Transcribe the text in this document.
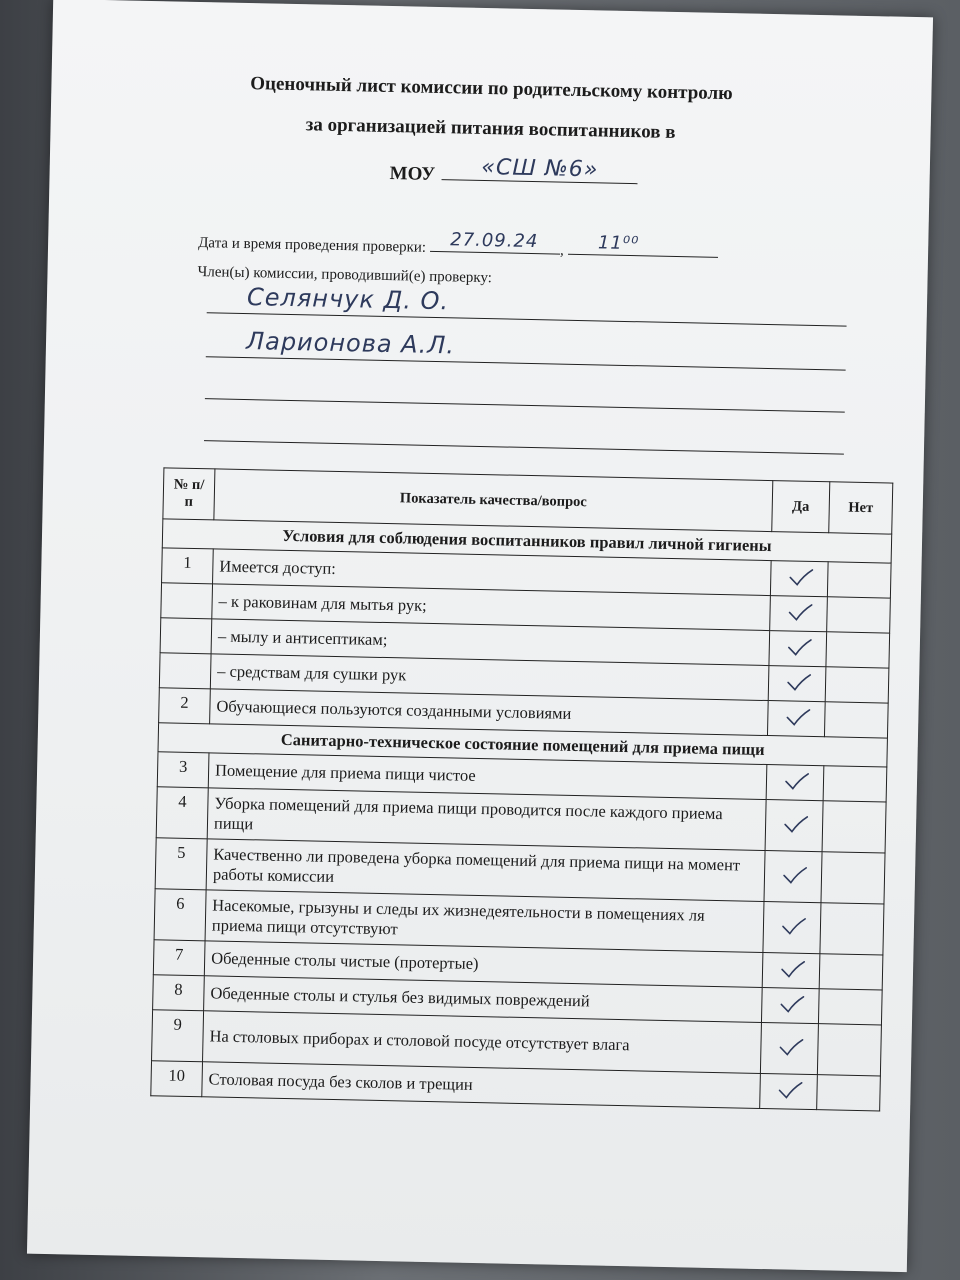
Оценочный лист комиссии по родительскому контролю
за организацией питания воспитанников в
МОУ «СШ №6»
Дата и время проведения проверки: 27.09.24 , 11⁰⁰
Член(ы) комиссии, проводивший(е) проверку:
Селянчук Д. О.
Ларионова А.Л.
№ п/п	Показатель качества/вопрос	Да	Нет
Условия для соблюдения воспитанников правил личной гигиены			
1	Имеется доступ:	

	– к раковинам для мытья рук;	

	– мылу и антисептикам;	

	– средствам для сушки рук	

2	Обучающиеся пользуются созданными условиями	

Санитарно-техническое состояние помещений для приема пищи			
3	Помещение для приема пищи чистое	

4	Уборка помещений для приема пищи проводится после каждого приема пищи	

5	Качественно ли проведена уборка помещений для приема пищи на момент работы комиссии	

6	Насекомые, грызуны и следы их жизнедеятельности в помещениях ля приема пищи отсутствуют	

7	Обеденные столы чистые (протертые)	

8	Обеденные столы и стулья без видимых повреждений	

9	На столовых приборах и столовой посуде отсутствует влага	

10	Столовая посуда без сколов и трещин	
